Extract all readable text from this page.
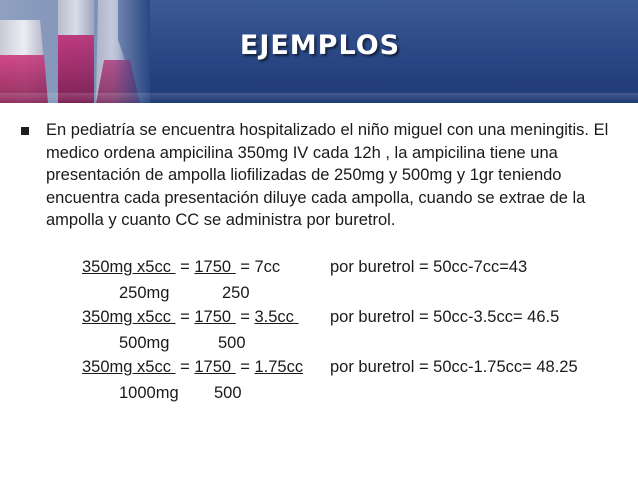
EJEMPLOS

En pediatría se encuentra hospitalizado el niño miguel con una meningitis. El medico ordena ampicilina 350mg IV cada 12h , la ampicilina tiene una presentación de ampolla liofilizadas de 250mg y 500mg y 1gr teniendo encuentra cada presentación diluye cada ampolla, cuando se extrae de la ampolla y cuanto CC se administra por buretrol.

350mg x5cc  = 1750  = 7cc	por buretrol = 50cc-7cc=43
250mg	250
350mg x5cc  = 1750  = 3.5cc por buretrol = 50cc-3.5cc= 46.5
500mg	500
350mg x5cc  = 1750  = 1.75cc por buretrol = 50cc-1.75cc= 48.25
1000mg 500
